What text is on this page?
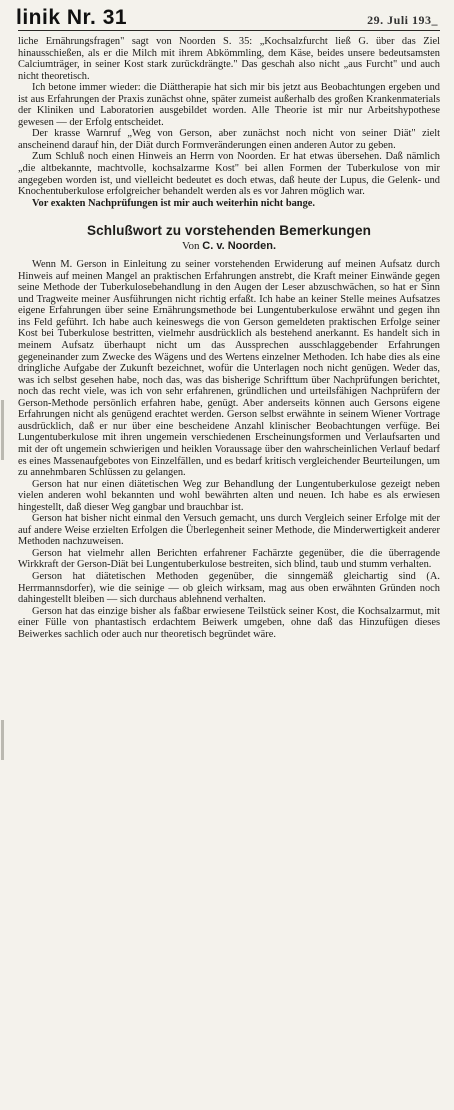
linik Nr. 31	29. Juli 193_

liche Ernährungsfragen" sagt von Noorden S. 35: „Kochsalzfurcht ließ G. über das Ziel hinausschießen, als er die Milch mit ihrem Abkömmling, dem Käse, beides unsere bedeutsamsten Calciumträger, in seiner Kost stark zurückdrängte." Das geschah also nicht „aus Furcht" und auch nicht theoretisch.

Ich betone immer wieder: die Diättherapie hat sich mir bis jetzt aus Beobachtungen ergeben und ist aus Erfahrungen der Praxis zunächst ohne, später zumeist außerhalb des großen Krankenmaterials der Kliniken und Laboratorien ausgebildet worden. Alle Theorie ist mir nur Arbeitshypothese gewesen — der Erfolg entscheidet.

Der krasse Warnruf „Weg von Gerson, aber zunächst noch nicht von seiner Diät" zielt anscheinend darauf hin, der Diät durch Formveränderungen einen anderen Autor zu geben.

Zum Schluß noch einen Hinweis an Herrn von Noorden. Er hat etwas übersehen. Daß nämlich „die altbekannte, machtvolle, kochsalzarme Kost" bei allen Formen der Tuberkulose von mir angegeben worden ist, und vielleicht bedeutet es doch etwas, daß heute der Lupus, die Gelenk- und Knochentuberkulose erfolgreicher behandelt werden als es vor Jahren möglich war.

Vor exakten Nachprüfungen ist mir auch weiterhin nicht bange.

Schlußwort zu vorstehenden Bemerkungen
Von C. v. Noorden.

Wenn M. Gerson in Einleitung zu seiner vorstehenden Erwiderung auf meinen Aufsatz durch Hinweis auf meinen Mangel an praktischen Erfahrungen anstrebt, die Kraft meiner Einwände gegen seine Methode der Tuberkulosebehandlung in den Augen der Leser abzuschwächen, so hat er Sinn und Tragweite meiner Ausführungen nicht richtig erfaßt. Ich habe an keiner Stelle meines Aufsatzes eigene Erfahrungen über seine Ernährungsmethode bei Lungentuberkulose erwähnt und gegen ihn ins Feld geführt. Ich habe auch keineswegs die von Gerson gemeldeten praktischen Erfolge seiner Kost bei Tuberkulose bestritten, vielmehr ausdrücklich als bestehend anerkannt. Es handelt sich in meinem Aufsatz überhaupt nicht um das Aussprechen ausschlaggebender Erfahrungen gegeneinander zum Zwecke des Wägens und des Wertens einzelner Methoden. Ich habe dies als eine dringliche Aufgabe der Zukunft bezeichnet, wofür die Unterlagen noch nicht genügen. Weder das, was ich selbst gesehen habe, noch das, was das bisherige Schrifttum über Nachprüfungen berichtet, noch das recht viele, was ich von sehr erfahrenen, gründlichen und urteilsfähigen Nachprüfern der Gerson-Methode persönlich erfahren habe, genügt. Aber anderseits können auch Gersons eigene Erfahrungen nicht als genügend erachtet werden. Gerson selbst erwähnte in seinem Wiener Vortrage ausdrücklich, daß er nur über eine bescheidene Anzahl klinischer Beobachtungen verfüge. Bei Lungentuberkulose mit ihren ungemein verschiedenen Erscheinungsformen und Verlaufsarten und mit der oft ungemein schwierigen und heiklen Voraussage über den wahrscheinlichen Verlauf bedarf es eines Massenaufgebotes von Einzelfällen, und es bedarf kritisch vergleichender Beurteilungen, um zu annehmbaren Schlüssen zu gelangen.

Gerson hat nur einen diätetischen Weg zur Behandlung der Lungentuberkulose gezeigt neben vielen anderen wohl bekannten und wohl bewährten alten und neuen. Ich habe es als erwiesen hingestellt, daß dieser Weg gangbar und brauchbar ist.

Gerson hat bisher nicht einmal den Versuch gemacht, uns durch Vergleich seiner Erfolge mit der auf andere Weise erzielten Erfolgen die Überlegenheit seiner Methode, die Minderwertigkeit anderer Methoden nachzuweisen.

Gerson hat vielmehr allen Berichten erfahrener Fachärzte gegenüber, die die überragende Wirkkraft der Gerson-Diät bei Lungentuberkulose bestreiten, sich blind, taub und stumm verhalten.

Gerson hat diätetischen Methoden gegenüber, die sinngemäß gleichartig sind (A. Herrmannsdorfer), wie die seinige — ob gleich wirksam, mag aus oben erwähnten Gründen noch dahingestellt bleiben — sich durchaus ablehnend verhalten.

Gerson hat das einzige bisher als faßbar erwiesene Teilstück seiner Kost, die Kochsalzarmut, mit einer Fülle von phantastisch erdachtem Beiwerk umgeben, ohne daß das Hinzufügen dieses Beiwerkes sachlich oder auch nur theoretisch begründet wäre.
